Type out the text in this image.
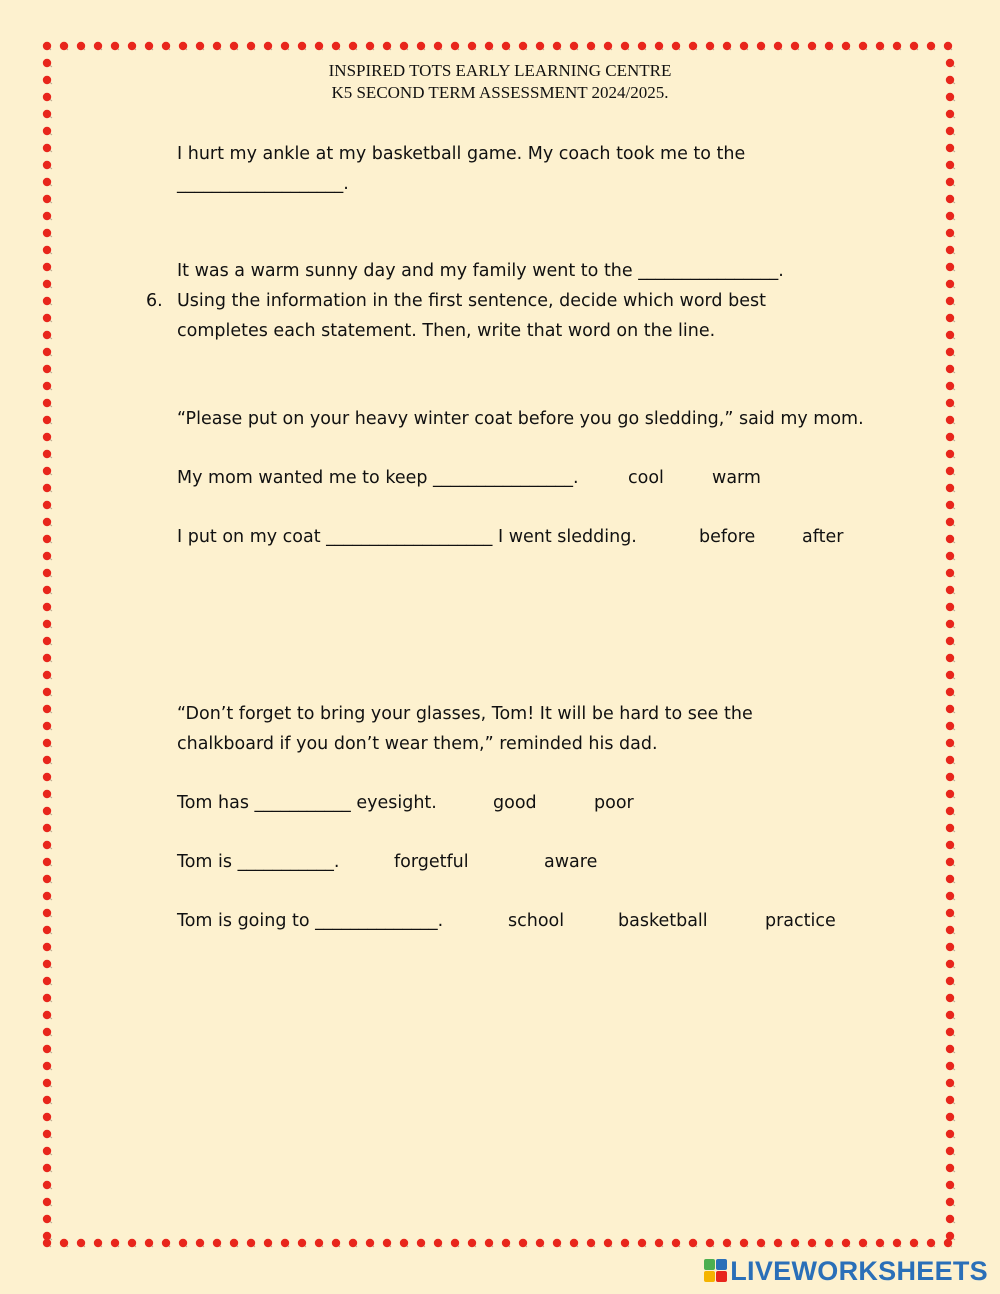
INSPIRED TOTS EARLY LEARNING CENTRE
K5 SECOND TERM ASSESSMENT 2024/2025.
I hurt my ankle at my basketball game. My coach took me to the
___________________.
It was a warm sunny day and my family went to the ________________.
6. Using the information in the first sentence, decide which word best
completes each statement. Then, write that word on the line.
“Please put on your heavy winter coat before you go sledding,” said my mom.
My mom wanted me to keep ________________.	cool	warm
I put on my coat ___________________ I went sledding.	before	after
“Don’t forget to bring your glasses, Tom! It will be hard to see the
chalkboard if you don’t wear them,” reminded his dad.
Tom has ___________ eyesight.	good	poor
Tom is ___________.	forgetful	aware
Tom is going to ______________.	school	basketball	practice
LIVEWORKSHEETS
